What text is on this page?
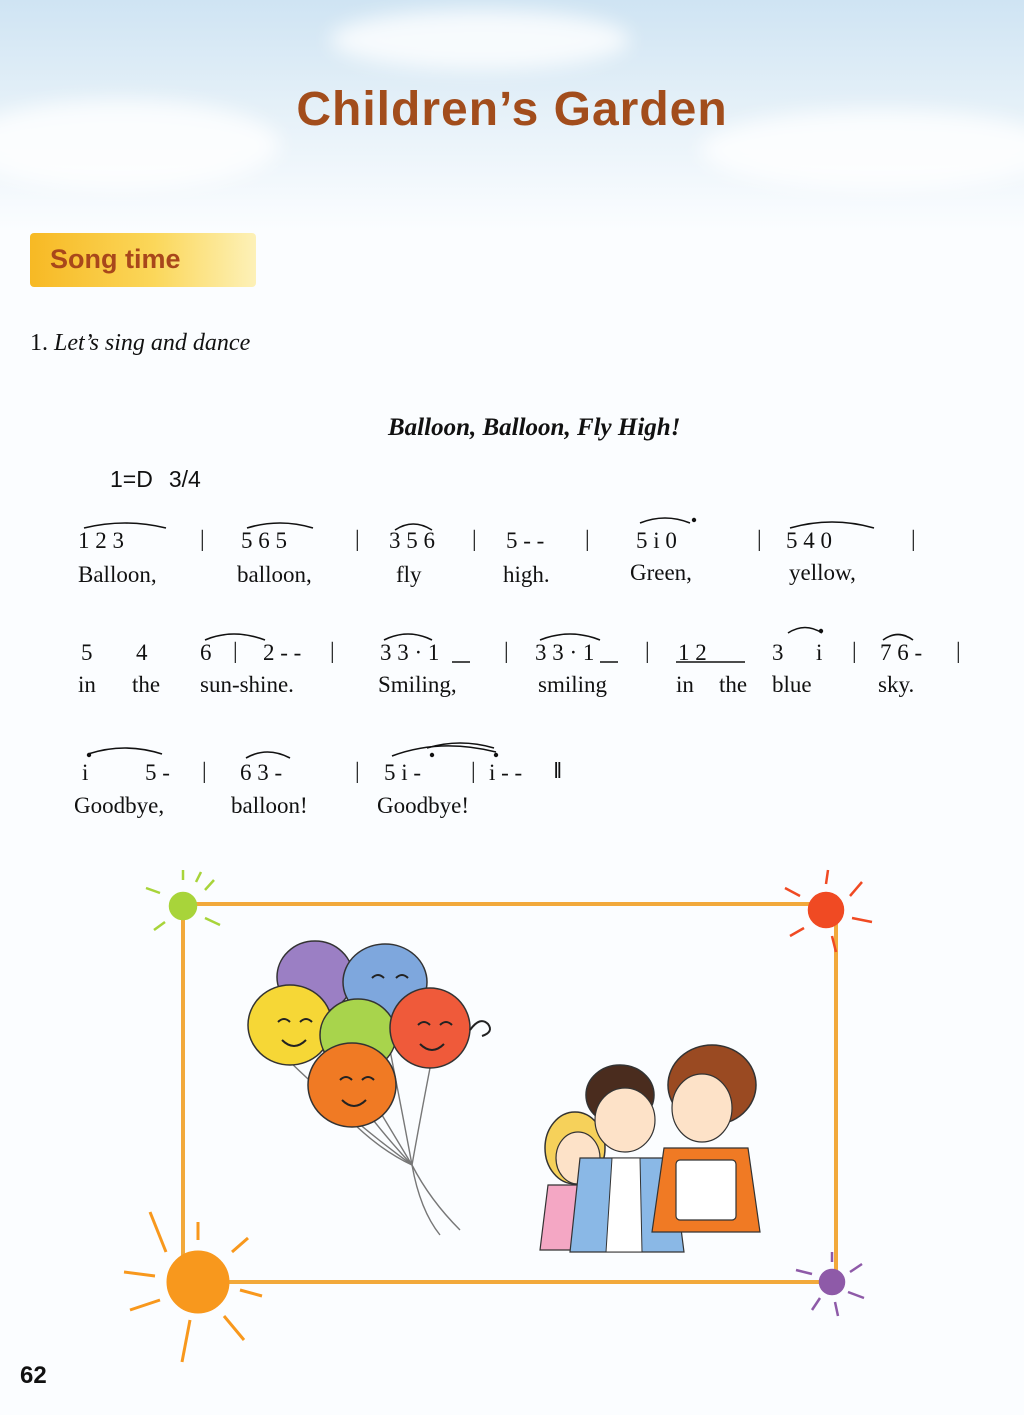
Children’s Garden
Song time
1. Let’s sing and dance
Balloon, Balloon, Fly High!
1=D 3/4
1 2 3	| 5 6 5	| 3 5 6 | 5 - - | 5 i 0	| 5 4 0	|
Balloon,	balloon,	fly	high.	Green,	yellow,
5 4 6 | 2 - - | 3 3 · 1	| 3 3 · 1 | 1 2	3 i | 7 6 - |
in the sun-shine.	Smiling,	smiling	in the blue	sky.
i 5 - | 6 3 -	| 5 i - | i - - ‖
Goodbye,	balloon!	Goodbye!
62
